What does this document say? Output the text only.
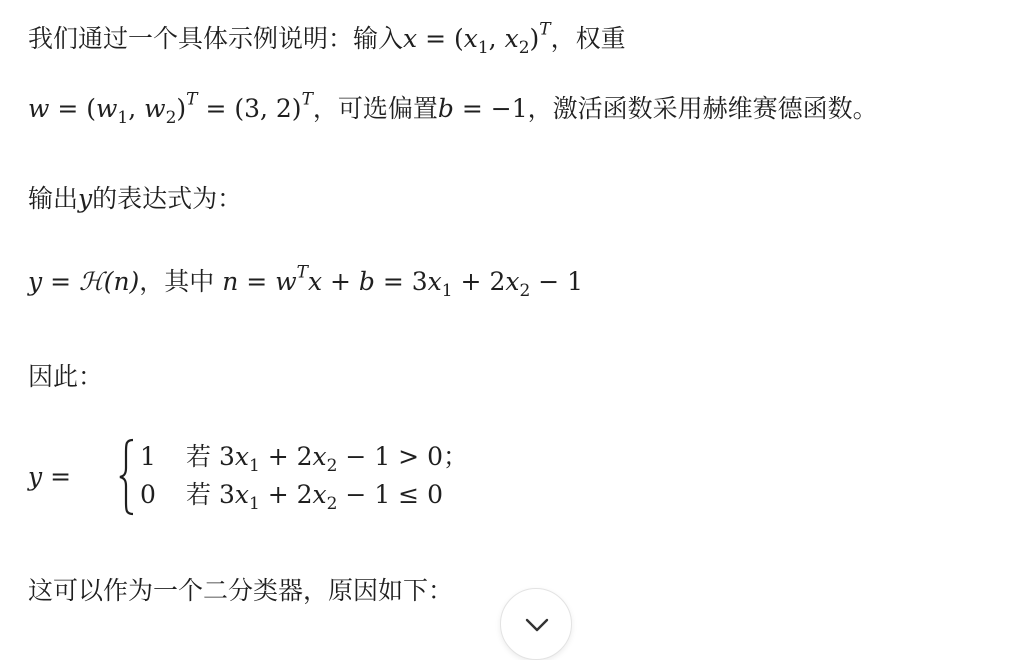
我们通过一个具体示例说明：输入$x = (x_1$, $x_2)^T$，权重
$w = (w_1$, $w_2)^T = (3$, 2)$^T$，可选偏置b = −1，激活函数采用赫维赛德函数。
输出y的表达式为：
y = ℋ(n)，其中 $n = w^Tx + b = 3x_1 + 2x_2 - 1$
因此：
y =
1 若 $3x_1 + 2x_2 - 1 > 0$；
0 若 $3x_1 + 2x_2 - 1 \le 0$
这可以作为一个二分类器，原因如下：
